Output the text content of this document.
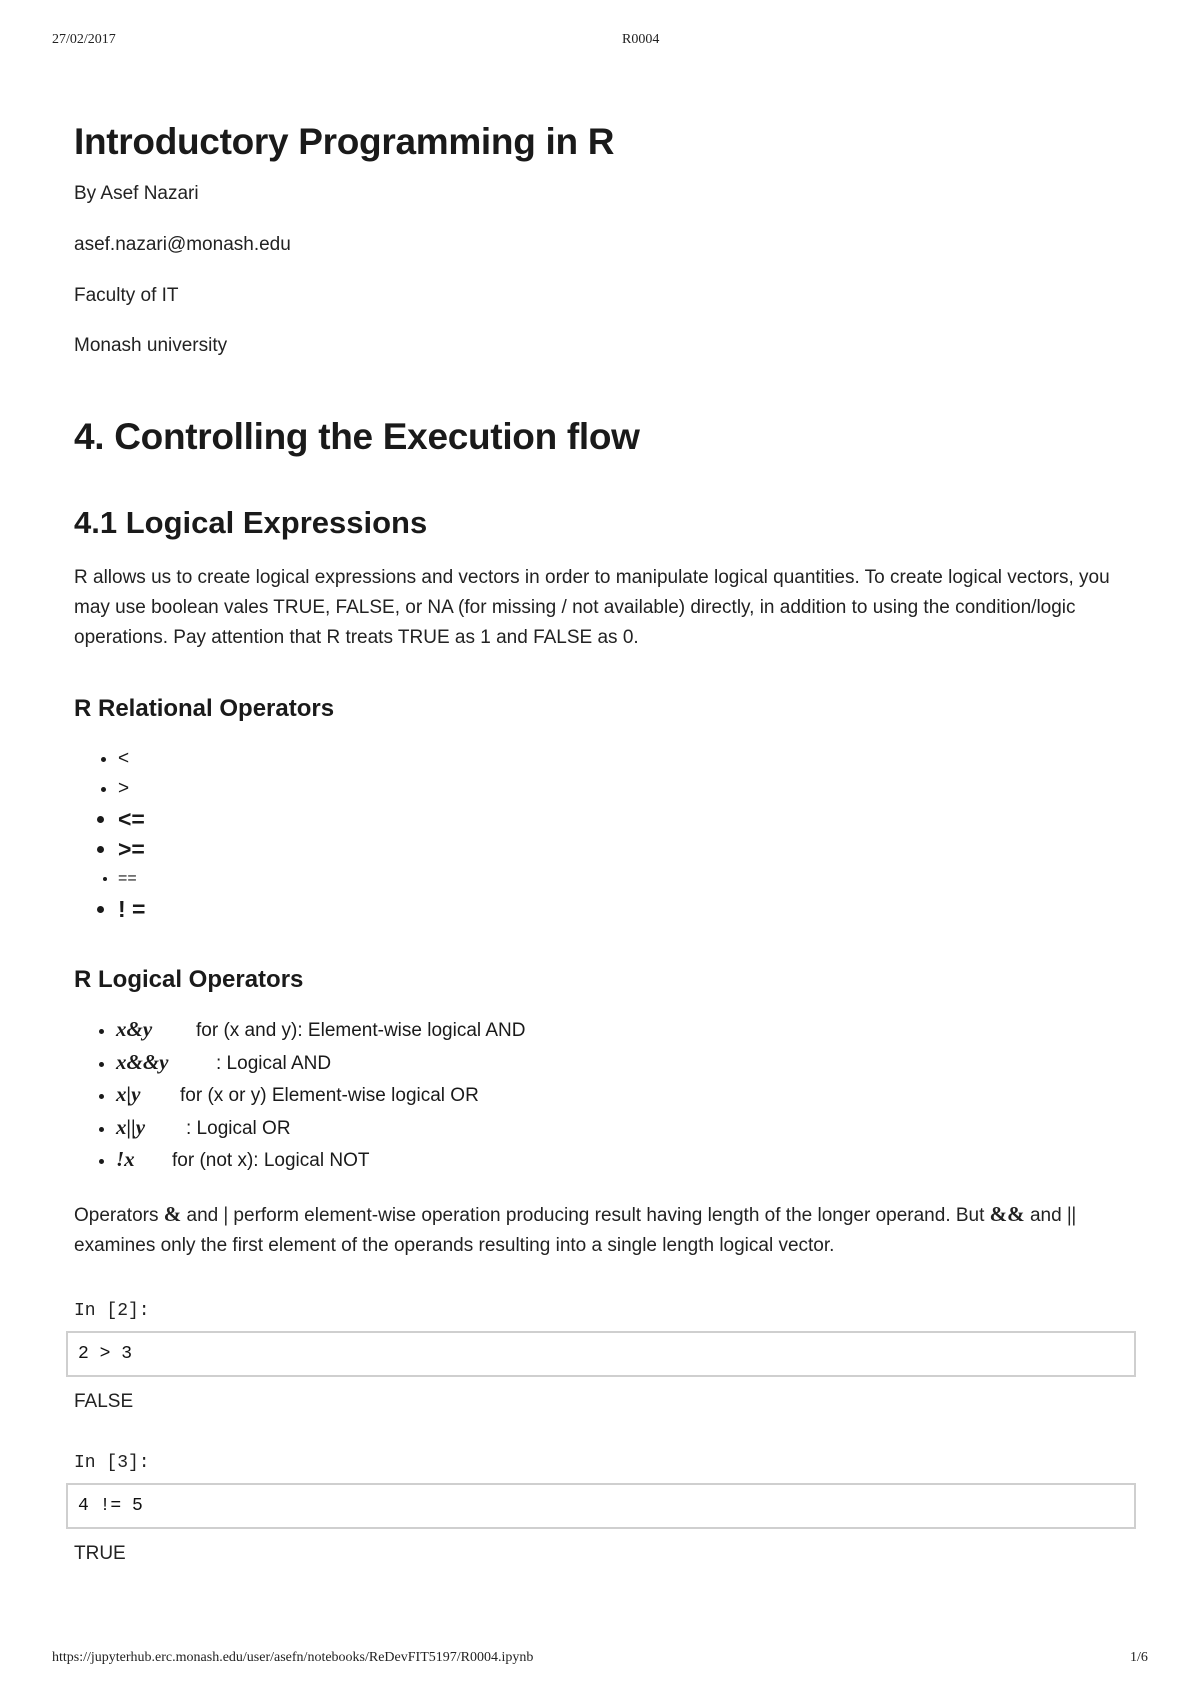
27/02/2017	R0004
Introductory Programming in R

By Asef Nazari

asef.nazari@monash.edu

Faculty of IT

Monash university

4. Controlling the Execution flow
4.1 Logical Expressions

R allows us to create logical expressions and vectors in order to manipulate logical quantities. To create logical vectors, you may use boolean vales TRUE, FALSE, or NA (for missing / not available) directly, in addition to using the condition/logic operations. Pay attention that R treats TRUE as 1 and FALSE as 0.

R Relational Operators
• <
• >
• <=
• >=
• ==
• ! =
R Logical Operators
• x&y for (x and y): Element-wise logical AND
• x&&y	: Logical AND
• x|y for (x or y) Element-wise logical OR
• x||y : Logical OR
• !x for (not x): Logical NOT

Operators & and | perform element-wise operation producing result having length of the longer operand. But && and || examines only the first element of the operands resulting into a single length logical vector.

In [2]:
2 > 3
FALSE
In [3]:
4 != 5
TRUE
https://jupyterhub.erc.monash.edu/user/asefn/notebooks/ReDevFIT5197/R0004.ipynb	1/6
